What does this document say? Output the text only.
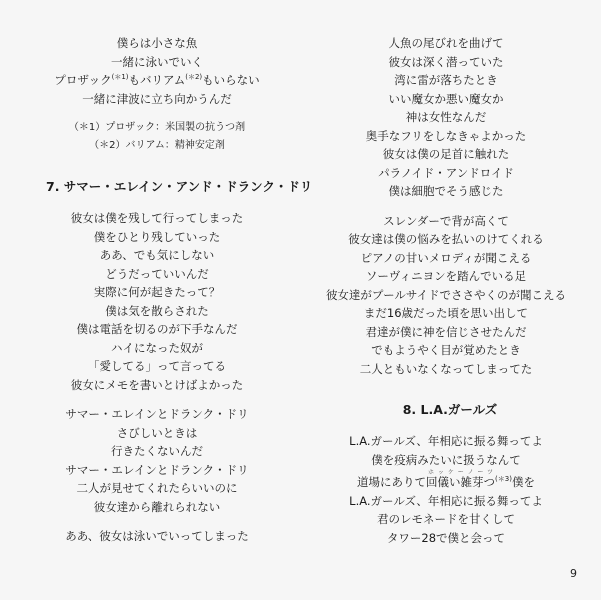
僕らは小さな魚
一緒に泳いでいく
プロザック$^{(*1)}$もバリアム$^{(*2)}$もいらない
一緒に津波に立ち向かうんだ
（＊1）プロザック：米国製の抗うつ剤
（＊2）バリアム：精神安定剤
7. サマー・エレイン・アンド・ドランク・ドリ
彼女は僕を残して行ってしまった
僕をひとり残していった
ああ、でも気にしない
どうだっていいんだ
実際に何が起きたって？
僕は気を散らされた
僕は電話を切るのが下手なんだ
ハイになった奴が
「愛してる」って言ってる
彼女にメモを書いとけばよかった
サマー・エレインとドランク・ドリ
さびしいときは
行きたくないんだ
サマー・エレインとドランク・ドリ
二人が見せてくれたらいいのに
彼女達から離れられない
ああ、彼女は泳いでいってしまった
人魚の尾びれを曲げて
彼女は深く潜っていた
湾に雷が落ちたとき
いい魔女か悪い魔女か
神は女性なんだ
奥手なフリをしなきゃよかった
彼女は僕の足首に触れた
パラノイド・アンドロイド
僕は細胞でそう感じた
スレンダーで背が高くて
彼女達は僕の悩みを払いのけてくれる
ピアノの甘いメロディが聞こえる
ソーヴィニヨンを踏んでいる足
彼女達がプールサイドでささやくのが聞こえる
まだ16歳だった頃を思い出して
君達が僕に神を信じさせたんだ
でもようやく目が覚めたとき
二人ともいなくなってしまってた
8. L.A.ガールズ
L.A.ガールズ、年相応に振る舞ってよ
僕を疫病みたいに扱うなんて
道場にありて回儀い雑芽つホッケーノーツ$^{(*3)}$僕を
L.A.ガールズ、年相応に振る舞ってよ
君のレモネードを甘くして
タワー28で僕と会って
9
